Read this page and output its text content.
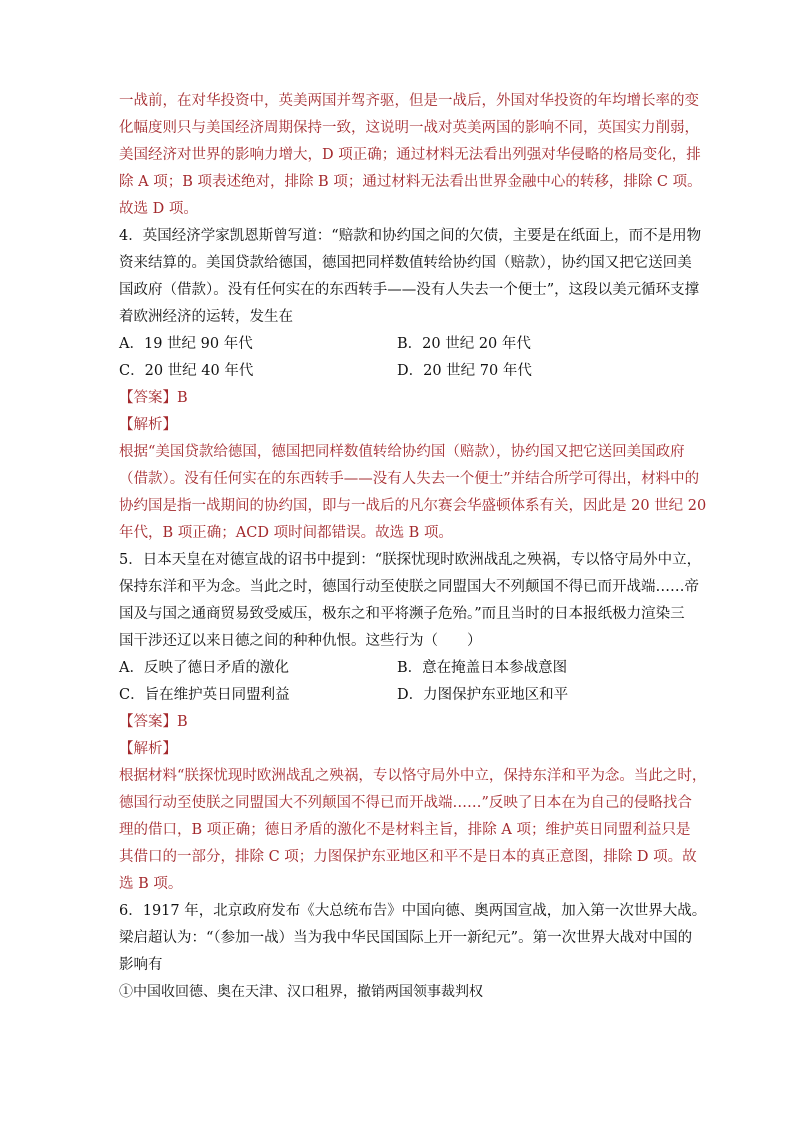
一战前，在对华投资中，英美两国并驾齐驱，但是一战后，外国对华投资的年均增长率的变
化幅度则只与美国经济周期保持一致，这说明一战对英美两国的影响不同，英国实力削弱，
美国经济对世界的影响力增大，D 项正确；通过材料无法看出列强对华侵略的格局变化，排
除 A 项；B 项表述绝对，排除 B 项；通过材料无法看出世界金融中心的转移，排除 C 项。
故选 D 项。
4．英国经济学家凯恩斯曾写道：“赔款和协约国之间的欠债，主要是在纸面上，而不是用物
资来结算的。美国贷款给德国，德国把同样数值转给协约国（赔款），协约国又把它送回美
国政府（借款）。没有任何实在的东西转手——没有人失去一个便士”，这段以美元循环支撑
着欧洲经济的运转，发生在
A．19 世纪 90 年代	B．20 世纪 20 年代
C．20 世纪 40 年代	D．20 世纪 70 年代
【答案】B
【解析】
根据“美国贷款给德国，德国把同样数值转给协约国（赔款），协约国又把它送回美国政府
（借款）。没有任何实在的东西转手——没有人失去一个便士”并结合所学可得出，材料中的
协约国是指一战期间的协约国，即与一战后的凡尔赛会华盛顿体系有关，因此是 20 世纪 20
年代，B 项正确；ACD 项时间都错误。故选 B 项。
5．日本天皇在对德宣战的诏书中提到：“朕探忧现时欧洲战乱之殃祸，专以恪守局外中立，
保持东洋和平为念。当此之时，德国行动至使朕之同盟国大不列颠国不得已而开战端……帝
国及与国之通商贸易致受威压，极东之和平将濒子危殆。”而且当时的日本报纸极力渲染三
国干涉还辽以来日德之间的种种仇恨。这些行为（　　）
A．反映了德日矛盾的激化	B．意在掩盖日本参战意图
C．旨在维护英日同盟利益	D．力图保护东亚地区和平
【答案】B
【解析】
根据材料“朕探忧现时欧洲战乱之殃祸，专以恪守局外中立，保持东洋和平为念。当此之时，
德国行动至使朕之同盟国大不列颠国不得已而开战端……”反映了日本在为自己的侵略找合
理的借口，B 项正确；德日矛盾的激化不是材料主旨，排除 A 项；维护英日同盟利益只是
其借口的一部分，排除 C 项；力图保护东亚地区和平不是日本的真正意图，排除 D 项。故
选 B 项。
6．1917 年，北京政府发布《大总统布告》中国向德、奥两国宣战，加入第一次世界大战。
梁启超认为：“（参加一战）当为我中华民国国际上开一新纪元”。第一次世界大战对中国的
影响有
①中国收回德、奥在天津、汉口租界，撤销两国领事裁判权
